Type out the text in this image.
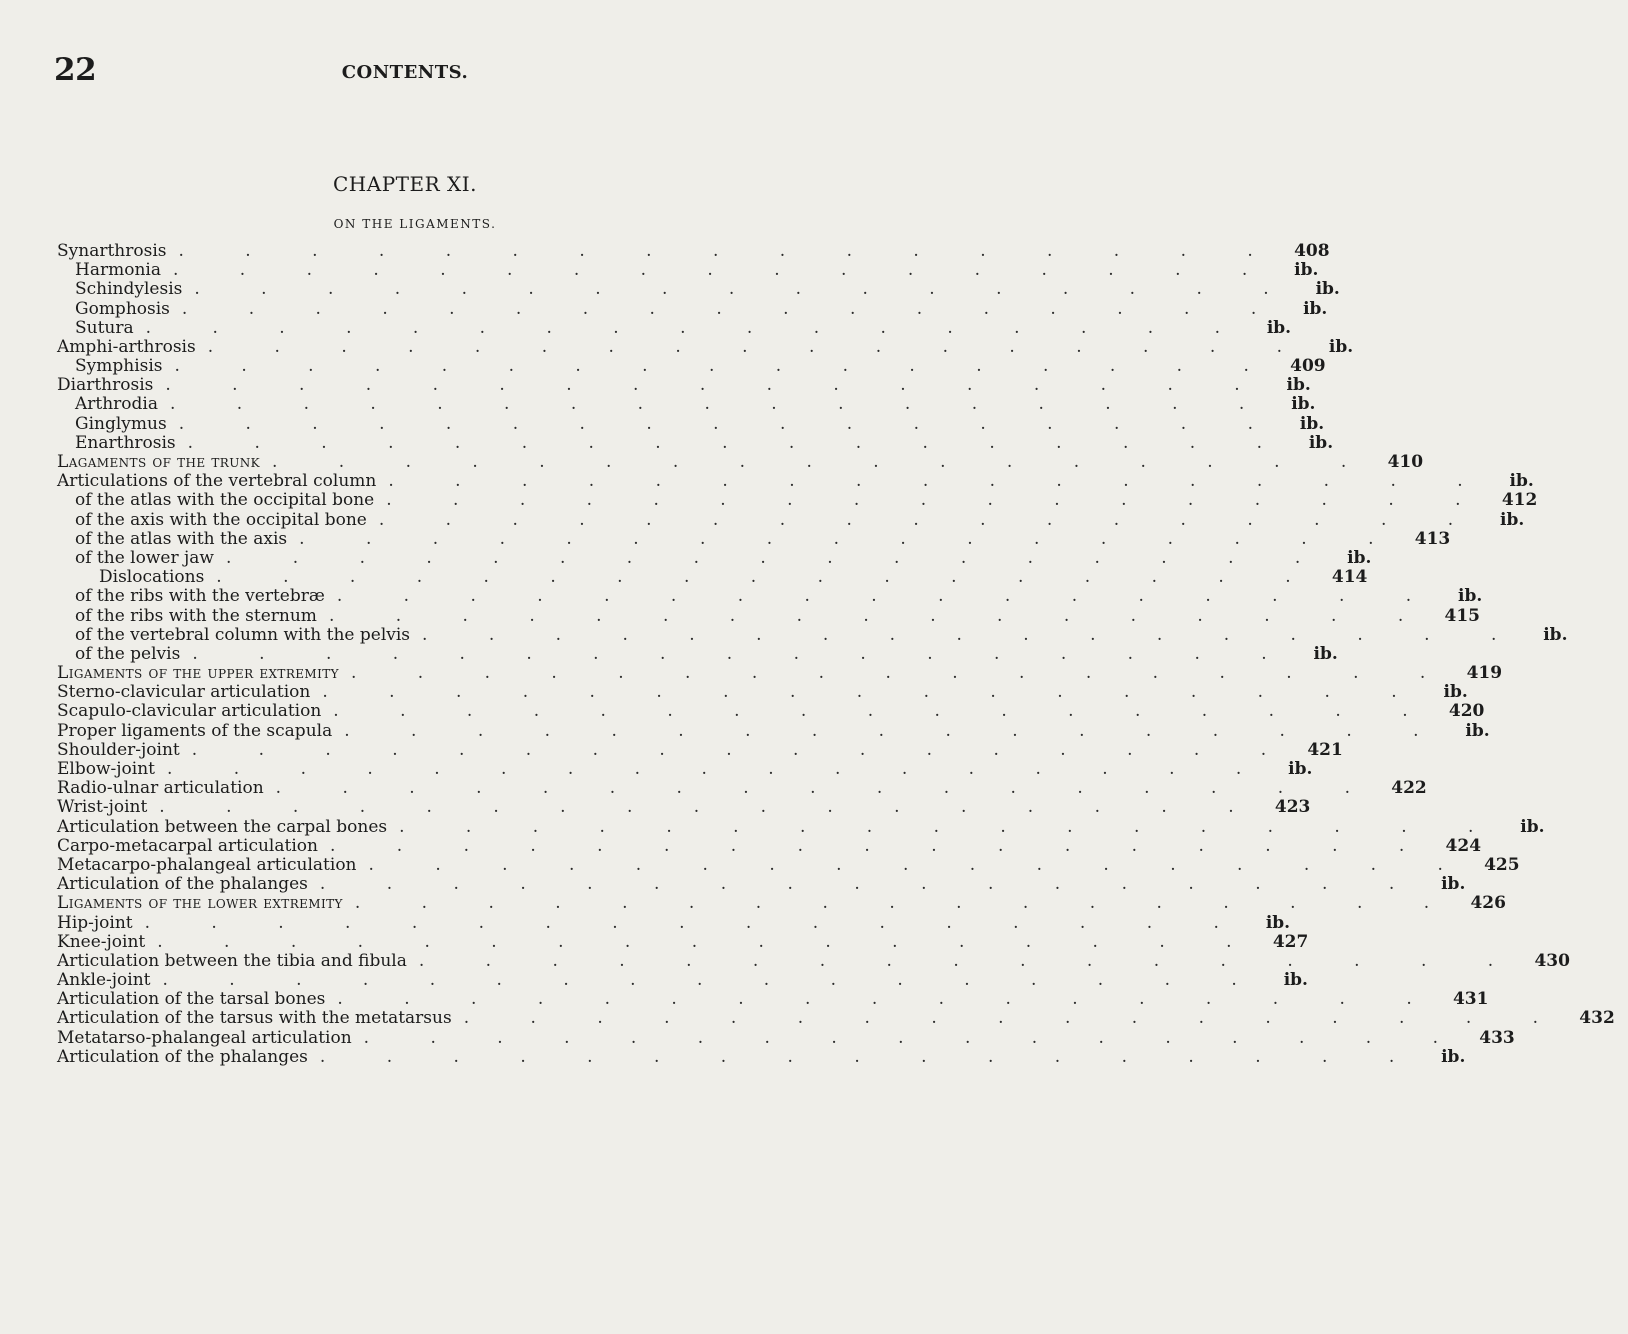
22	CONTENTS.
CHAPTER XI.
ON THE LIGAMENTS.
Synarthrosis . . . . . . . . . . . . . . . . . 408
Harmonia . . . . . . . . . . . . . . . . .	ib.
Schindylesis . . . . . . . . . . . . . . . . .	ib.
Gomphosis . . . . . . . . . . . . . . . . .	ib.
Sutura . . . . . . . . . . . . . . . . .	ib.
Amphi-arthrosis . . . . . . . . . . . . . . . . .	ib.
Symphisis . . . . . . . . . . . . . . . . . 409
Diarthrosis . . . . . . . . . . . . . . . . .	ib.
Arthrodia . . . . . . . . . . . . . . . . .	ib.
Ginglymus . . . . . . . . . . . . . . . . .	ib.
Enarthrosis . . . . . . . . . . . . . . . . .	ib.
Lagaments of the trunk . . . . . . . . . . . . . . . . . 410
Articulations of the vertebral column . . . . . . . . . . . . . . . . .	ib.
of the atlas with the occipital bone . . . . . . . . . . . . . . . . . 412
of the axis with the occipital bone . . . . . . . . . . . . . . . . .	ib.
of the atlas with the axis . . . . . . . . . . . . . . . . . 413
of the lower jaw . . . . . . . . . . . . . . . . .	ib.
Dislocations . . . . . . . . . . . . . . . . . 414
of the ribs with the vertebræ . . . . . . . . . . . . . . . . .	ib.
of the ribs with the sternum . . . . . . . . . . . . . . . . . 415
of the vertebral column with the pelvis . . . . . . . . . . . . . . . . .	ib.
of the pelvis . . . . . . . . . . . . . . . . .	ib.
Ligaments of the upper extremity . . . . . . . . . . . . . . . . . 419
Sterno-clavicular articulation . . . . . . . . . . . . . . . . .	ib.
Scapulo-clavicular articulation . . . . . . . . . . . . . . . . . 420
Proper ligaments of the scapula . . . . . . . . . . . . . . . . .	ib.
Shoulder-joint . . . . . . . . . . . . . . . . . 421
Elbow-joint . . . . . . . . . . . . . . . . .	ib.
Radio-ulnar articulation . . . . . . . . . . . . . . . . . 422
Wrist-joint . . . . . . . . . . . . . . . . . 423
Articulation between the carpal bones . . . . . . . . . . . . . . . . .	ib.
Carpo-metacarpal articulation . . . . . . . . . . . . . . . . . 424
Metacarpo-phalangeal articulation . . . . . . . . . . . . . . . . . 425
Articulation of the phalanges . . . . . . . . . . . . . . . . .	ib.
Ligaments of the lower extremity . . . . . . . . . . . . . . . . . 426
Hip-joint . . . . . . . . . . . . . . . . .	ib.
Knee-joint . . . . . . . . . . . . . . . . . 427
Articulation between the tibia and fibula . . . . . . . . . . . . . . . . . 430
Ankle-joint . . . . . . . . . . . . . . . . .	ib.
Articulation of the tarsal bones . . . . . . . . . . . . . . . . . 431
Articulation of the tarsus with the metatarsus . . . . . . . . . . . . . . . . . 432
Metatarso-phalangeal articulation . . . . . . . . . . . . . . . . . 433
Articulation of the phalanges . . . . . . . . . . . . . . . . .	ib.
